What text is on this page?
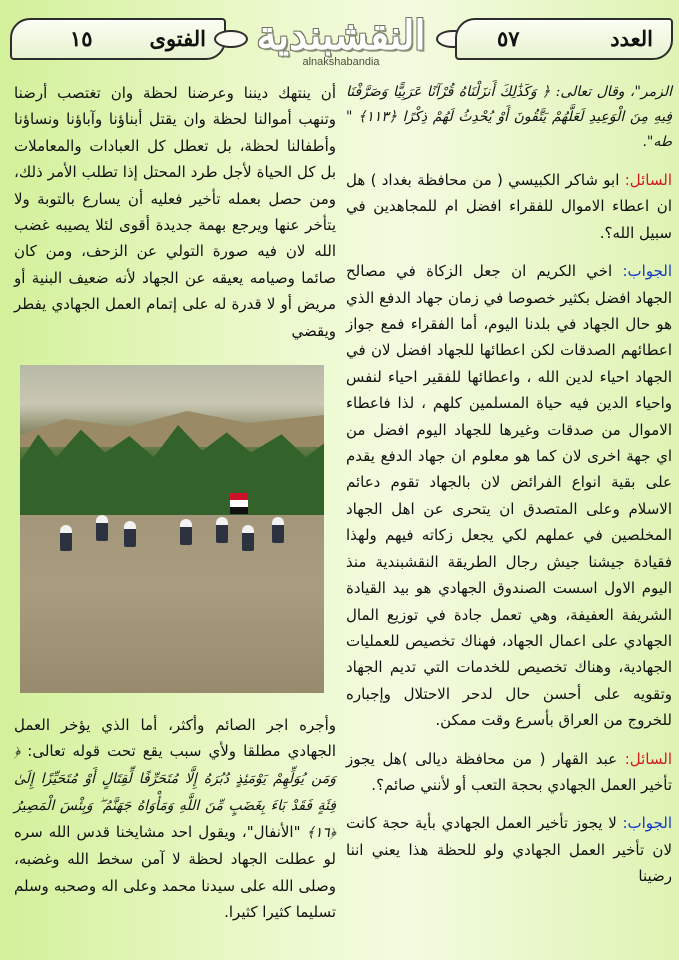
الفتوى
١٥	النقشبندية
alnakshabandia
العدد
٥٧

الزمر"، وقال تعالى: ﴿ وَكَذَٰلِكَ أَنزَلْنَاهُ قُرْآنًا عَرَبِيًّا وَصَرَّفْنَا فِيهِ مِنَ الْوَعِيدِ لَعَلَّهُمْ يَتَّقُونَ أَوْ يُحْدِثُ لَهُمْ ذِكْرًا ﴿١١٣﴾ " طه".

السائل: ابو شاكر الكبيسي ( من محافظة بغداد ) هل ان اعطاء الاموال للفقراء افضل ام للمجاهدين في سبيل الله؟.

الجواب: اخي الكريم ان جعل الزكاة في مصالح الجهاد افضل بكثير خصوصا في زمان جهاد الدفع الذي هو حال الجهاد في بلدنا اليوم، أما الفقراء فمع جواز اعطائهم الصدقات لكن اعطائها للجهاد افضل لان في الجهاد احياء لدين الله ، واعطائها للفقير احياء لنفس واحياء الدين فيه حياة المسلمين كلهم ، لذا فاعطاء الاموال من صدقات وغيرها للجهاد اليوم افضل من اي جهة اخرى لان كما هو معلوم ان جهاد الدفع يقدم على بقية انواع الفرائض لان بالجهاد تقوم دعائم الاسلام وعلى المتصدق ان يتحرى عن اهل الجهاد المخلصين في عملهم لكي يجعل زكاته فيهم ولهذا فقيادة جيشنا جيش رجال الطريقة النقشبندية منذ اليوم الاول اسست الصندوق الجهادي هو بيد القيادة الشريفة العفيفة، وهي تعمل جادة في توزيع المال الجهادي على اعمال الجهاد، فهناك تخصيص للعمليات الجهادية، وهناك تخصيص للخدمات التي تديم الجهاد وتقويه على أحسن حال لدحر الاحتلال وإجباره للخروج من العراق بأسرع وقت ممكن.

السائل: عبد القهار ( من محافظة ديالى )هل يجوز تأخير العمل الجهادي بحجة التعب أو لأنني صائم؟.

الجواب: لا يجوز تأخير العمل الجهادي بأية حجة كانت لان تأخير العمل الجهادي ولو للحظة هذا يعني اننا رضينا

أن ينتهك ديننا وعرضنا لحظة وان تغتصب أرضنا وتنهب أموالنا لحظة وان يقتل أبناؤنا وآباؤنا ونساؤنا وأطفالنا لحظة، بل تعطل كل العبادات والمعاملات بل كل الحياة لأجل طرد المحتل إذا تطلب الأمر ذلك، ومن حصل بعمله تأخير فعليه أن يسارع بالتوبة ولا يتأخر عنها ويرجع بهمة جديدة أقوى لئلا يصيبه غضب الله لان فيه صورة التولي عن الزحف، ومن كان صائما وصيامه يعيقه عن الجهاد لأنه ضعيف البنية أو مريض أو لا قدرة له على إتمام العمل الجهادي يفطر ويقضي

وأجره اجر الصائم وأكثر، أما الذي يؤخر العمل الجهادي مطلقا ولأي سبب يقع تحت قوله تعالى: ﴿ وَمَن يُوَلِّهِمْ يَوْمَئِذٍ دُبُرَهُ إِلَّا مُتَحَرِّفًا لِّقِتَالٍ أَوْ مُتَحَيِّزًا إِلَىٰ فِئَةٍ فَقَدْ بَاءَ بِغَضَبٍ مِّنَ اللَّهِ وَمَأْوَاهُ جَهَنَّمُ ۖ وَبِئْسَ الْمَصِيرُ ﴿١٦﴾ "الأنفال"، ويقول احد مشايخنا قدس الله سره لو عطلت الجهاد لحظة لا آمن سخط الله وغضبه، وصلى الله على سيدنا محمد وعلى اله وصحبه وسلم تسليما كثيرا كثيرا.
